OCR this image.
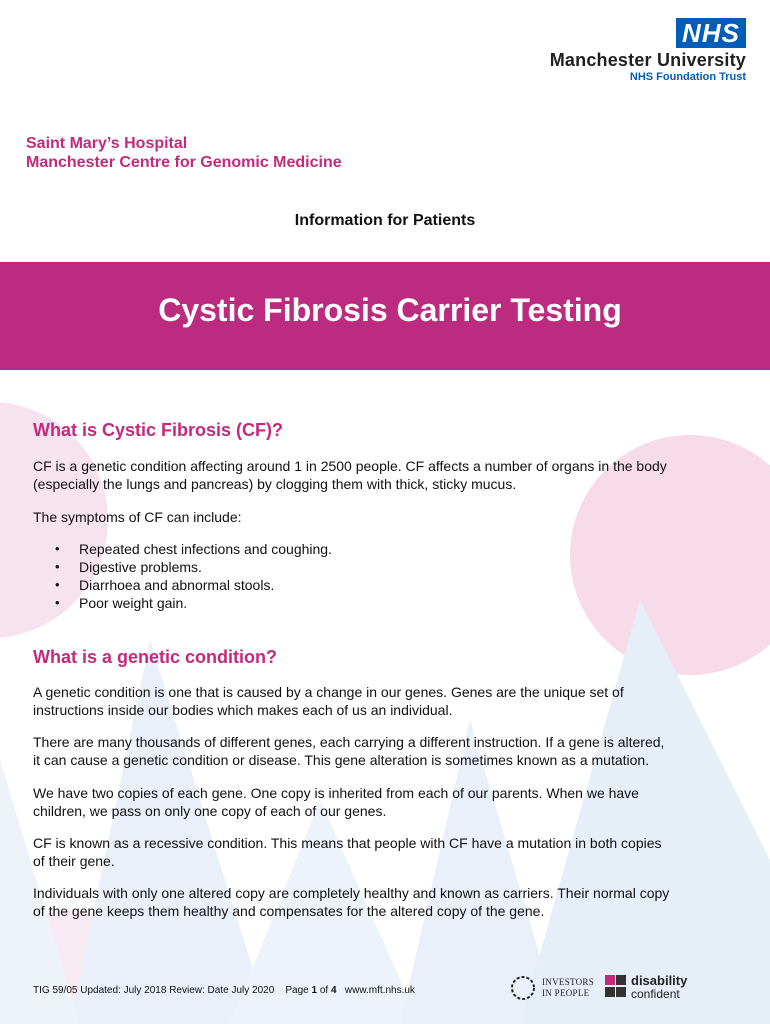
NHS
Manchester University
NHS Foundation Trust
Saint Mary’s Hospital
Manchester Centre for Genomic Medicine
Information for Patients
Cystic Fibrosis Carrier Testing
What is Cystic Fibrosis (CF)?
CF is a genetic condition affecting around 1 in 2500 people. CF affects a number of organs in the body
(especially the lungs and pancreas) by clogging them with thick, sticky mucus.
The symptoms of CF can include:
• Repeated chest infections and coughing.
• Digestive problems.
• Diarrhoea and abnormal stools.
• Poor weight gain.
What is a genetic condition?
A genetic condition is one that is caused by a change in our genes. Genes are the unique set of
instructions inside our bodies which makes each of us an individual.
There are many thousands of different genes, each carrying a different instruction. If a gene is altered,
it can cause a genetic condition or disease. This gene alteration is sometimes known as a mutation.
We have two copies of each gene. One copy is inherited from each of our parents. When we have
children, we pass on only one copy of each of our genes.
CF is known as a recessive condition. This means that people with CF have a mutation in both copies
of their gene.
Individuals with only one altered copy are completely healthy and known as carriers. Their normal copy
of the gene keeps them healthy and compensates for the altered copy of the gene.
TIG 59/05 Updated: July 2018 Review: Date July 2020 Page 1 of 4 www.mft.nhs.uk
INVESTORS
IN PEOPLE
disability
confident
